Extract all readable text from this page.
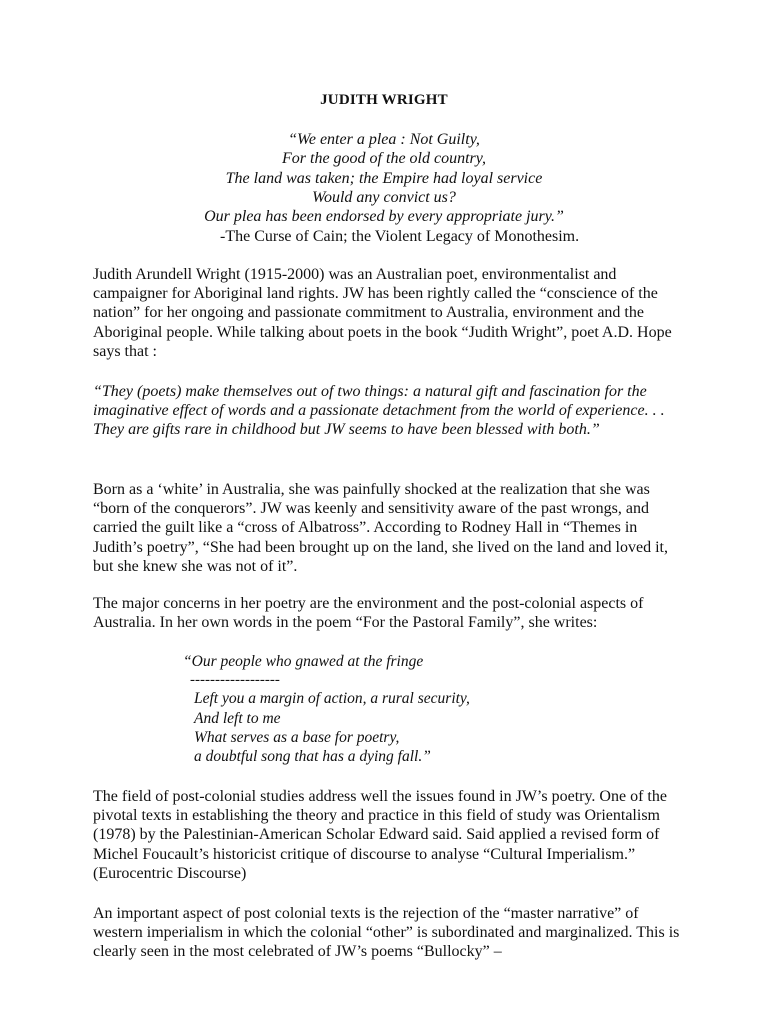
JUDITH WRIGHT
“We enter a plea : Not Guilty,
For the good of the old country,
The land was taken; the Empire had loyal service
Would any convict us?
Our plea has been endorsed by every appropriate jury.”
-The Curse of Cain; the Violent Legacy of Monothesim.

Judith Arundell Wright (1915-2000) was an Australian poet, environmentalist and campaigner for Aboriginal land rights. JW has been rightly called the “conscience of the nation” for her ongoing and passionate commitment to Australia, environment and the Aboriginal people. While talking about poets in the book “Judith Wright”, poet A.D. Hope says that :

“They (poets) make themselves out of two things: a natural gift and fascination for the imaginative effect of words and a passionate detachment from the world of experience. . . They are gifts rare in childhood but JW seems to have been blessed with both.”

Born as a ‘white’ in Australia, she was painfully shocked at the realization that she was “born of the conquerors”. JW was keenly and sensitivity aware of the past wrongs, and carried the guilt like a “cross of Albatross”. According to Rodney Hall in “Themes in Judith’s poetry”, “She had been brought up on the land, she lived on the land and loved it, but she knew she was not of it”.

The major concerns in her poetry are the environment and the post-colonial aspects of Australia. In her own words in the poem “For the Pastoral Family”, she writes:

“Our people who gnawed at the fringe
------------------
Left you a margin of action, a rural security,
And left to me
What serves as a base for poetry,
a doubtful song that has a dying fall.”

The field of post-colonial studies address well the issues found in JW’s poetry. One of the pivotal texts in establishing the theory and practice in this field of study was Orientalism (1978) by the Palestinian-American Scholar Edward said. Said applied a revised form of Michel Foucault’s historicist critique of discourse to analyse “Cultural Imperialism.” (Eurocentric Discourse)

An important aspect of post colonial texts is the rejection of the “master narrative” of western imperialism in which the colonial “other” is subordinated and marginalized. This is clearly seen in the most celebrated of JW’s poems “Bullocky” –
